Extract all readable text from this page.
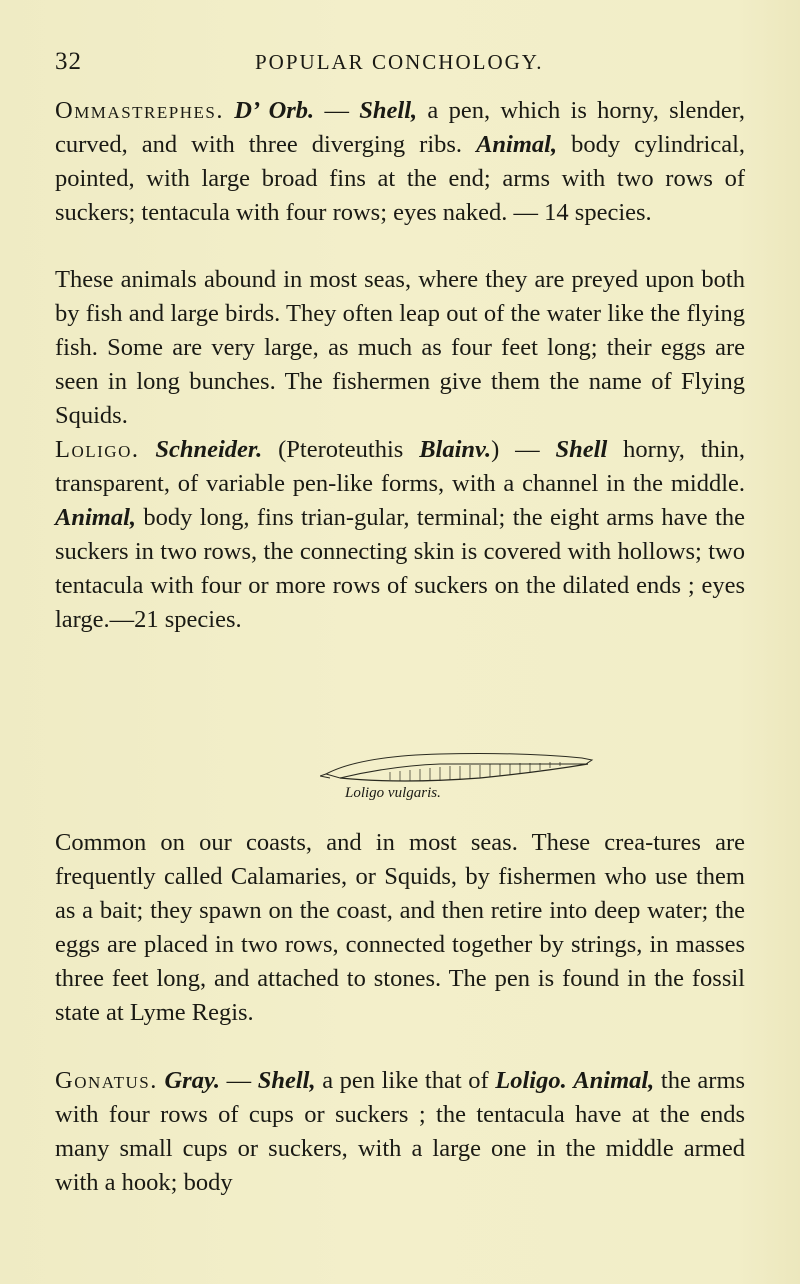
32	POPULAR CONCHOLOGY.

Ommastrephes. D’ Orb. — Shell, a pen, which is horny, slender, curved, and with three diverging ribs. Animal, body cylindrical, pointed, with large broad fins at the end; arms with two rows of suckers; tentacula with four rows; eyes naked. — 14 species.

These animals abound in most seas, where they are preyed upon both by fish and large birds. They often leap out of the water like the flying fish. Some are very large, as much as four feet long; their eggs are seen in long bunches. The fishermen give them the name of Flying Squids.

Loligo. Schneider. (Pteroteuthis Blainv.) — Shell horny, thin, transparent, of variable pen-like forms, with a channel in the middle. Animal, body long, fins trian-gular, terminal; the eight arms have the suckers in two rows, the connecting skin is covered with hollows; two tentacula with four or more rows of suckers on the dilated ends ; eyes large.—21 species.

Loligo vulgaris.

Common on our coasts, and in most seas. These crea-tures are frequently called Calamaries, or Squids, by fishermen who use them as a bait; they spawn on the coast, and then retire into deep water; the eggs are placed in two rows, connected together by strings, in masses three feet long, and attached to stones. The pen is found in the fossil state at Lyme Regis.

Gonatus. Gray. — Shell, a pen like that of Loligo. Animal, the arms with four rows of cups or suckers ; the tentacula have at the ends many small cups or suckers, with a large one in the middle armed with a hook; body
